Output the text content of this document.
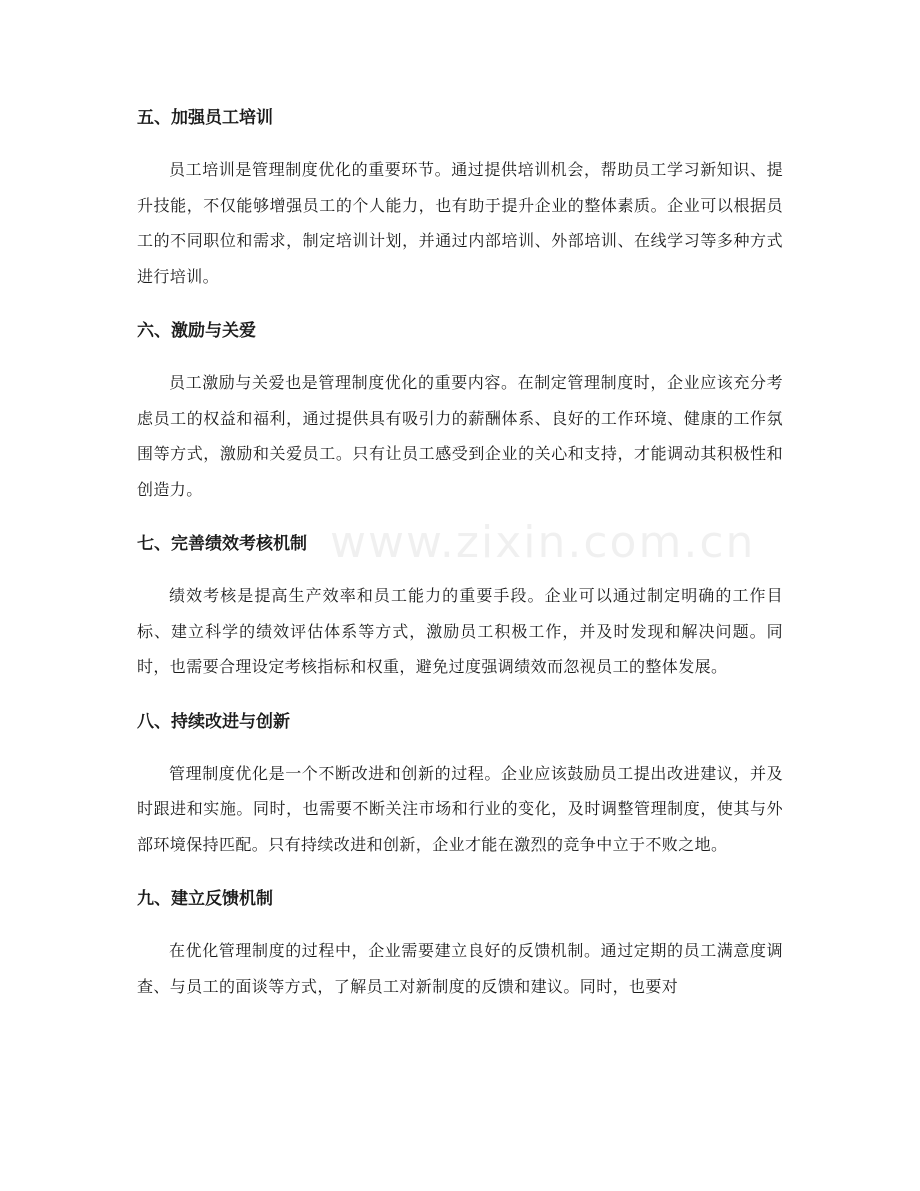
www.zixin.com.cn
五、加强员工培训

员工培训是管理制度优化的重要环节。通过提供培训机会，帮助员工学习新知识、提升技能，不仅能够增强员工的个人能力，也有助于提升企业的整体素质。企业可以根据员工的不同职位和需求，制定培训计划，并通过内部培训、外部培训、在线学习等多种方式进行培训。

六、激励与关爱

员工激励与关爱也是管理制度优化的重要内容。在制定管理制度时，企业应该充分考虑员工的权益和福利，通过提供具有吸引力的薪酬体系、良好的工作环境、健康的工作氛围等方式，激励和关爱员工。只有让员工感受到企业的关心和支持，才能调动其积极性和创造力。

七、完善绩效考核机制

绩效考核是提高生产效率和员工能力的重要手段。企业可以通过制定明确的工作目标、建立科学的绩效评估体系等方式，激励员工积极工作，并及时发现和解决问题。同时，也需要合理设定考核指标和权重，避免过度强调绩效而忽视员工的整体发展。

八、持续改进与创新

管理制度优化是一个不断改进和创新的过程。企业应该鼓励员工提出改进建议，并及时跟进和实施。同时，也需要不断关注市场和行业的变化，及时调整管理制度，使其与外部环境保持匹配。只有持续改进和创新，企业才能在激烈的竞争中立于不败之地。

九、建立反馈机制

在优化管理制度的过程中，企业需要建立良好的反馈机制。通过定期的员工满意度调查、与员工的面谈等方式，了解员工对新制度的反馈和建议。同时，也要对
